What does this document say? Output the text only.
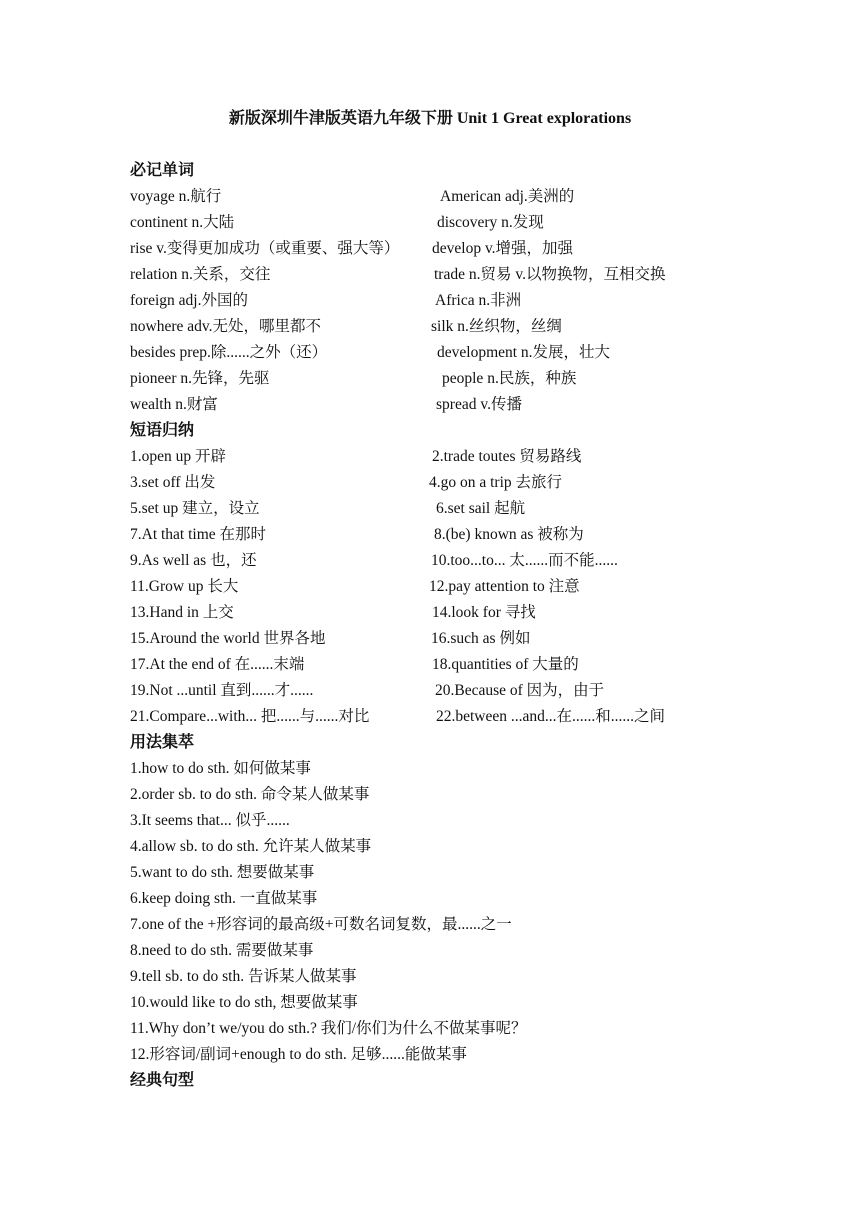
新版深圳牛津版英语九年级下册 Unit 1 Great explorations
必记单词
voyage n.航行	American adj.美洲的
continent n.大陆	discovery n.发现
rise v.变得更加成功（或重要、强大等） develop v.增强，加强
relation n.关系，交往	trade n.贸易 v.以物换物，互相交换
foreign adj.外国的	Africa n.非洲
nowhere adv.无处，哪里都不	silk n.丝织物，丝绸
besides prep.除......之外（还）	development n.发展，壮大
pioneer n.先锋，先驱	people n.民族，种族
wealth n.财富	spread v.传播
短语归纳
1.open up 开辟	2.trade toutes 贸易路线
3.set off 出发	4.go on a trip 去旅行
5.set up 建立，设立	6.set sail 起航
7.At that time 在那时	8.(be) known as 被称为
9.As well as 也，还	10.too...to... 太......而不能......
11.Grow up 长大	12.pay attention to 注意
13.Hand in 上交	14.look for 寻找
15.Around the world 世界各地	16.such as 例如
17.At the end of 在......末端	18.quantities of 大量的
19.Not ...until 直到......才......	20.Because of 因为，由于
21.Compare...with... 把......与......对比	22.between ...and...在......和......之间
用法集萃
1.how to do sth. 如何做某事
2.order sb. to do sth. 命令某人做某事
3.It seems that... 似乎......
4.allow sb. to do sth. 允许某人做某事
5.want to do sth. 想要做某事
6.keep doing sth. 一直做某事
7.one of the +形容词的最高级+可数名词复数，最......之一
8.need to do sth. 需要做某事
9.tell sb. to do sth. 告诉某人做某事
10.would like to do sth, 想要做某事
11.Why don’t we/you do sth.? 我们/你们为什么不做某事呢？
12.形容词/副词+enough to do sth. 足够......能做某事
经典句型
